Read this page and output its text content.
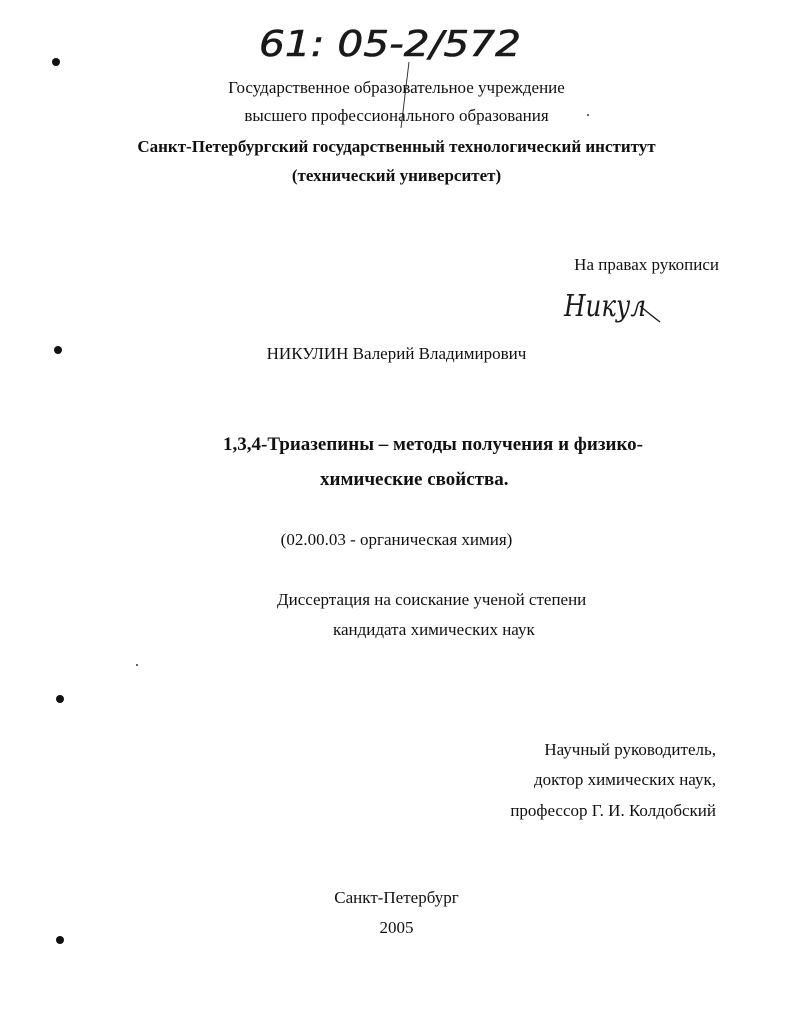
61: 05-2/572
Государственное образовательное учреждение
высшего профессионального образования
Санкт-Петербургский государственный технологический институт
(технический университет)
На правах рукописи
Никул
НИКУЛИН Валерий Владимирович
1,3,4-Триазепины – методы получения и физико-
химические свойства.
(02.00.03 - органическая химия)
Диссертация на соискание ученой степени
кандидата химических наук
Научный руководитель,
доктор химических наук,
профессор Г. И. Колдобский
Санкт-Петербург
2005
